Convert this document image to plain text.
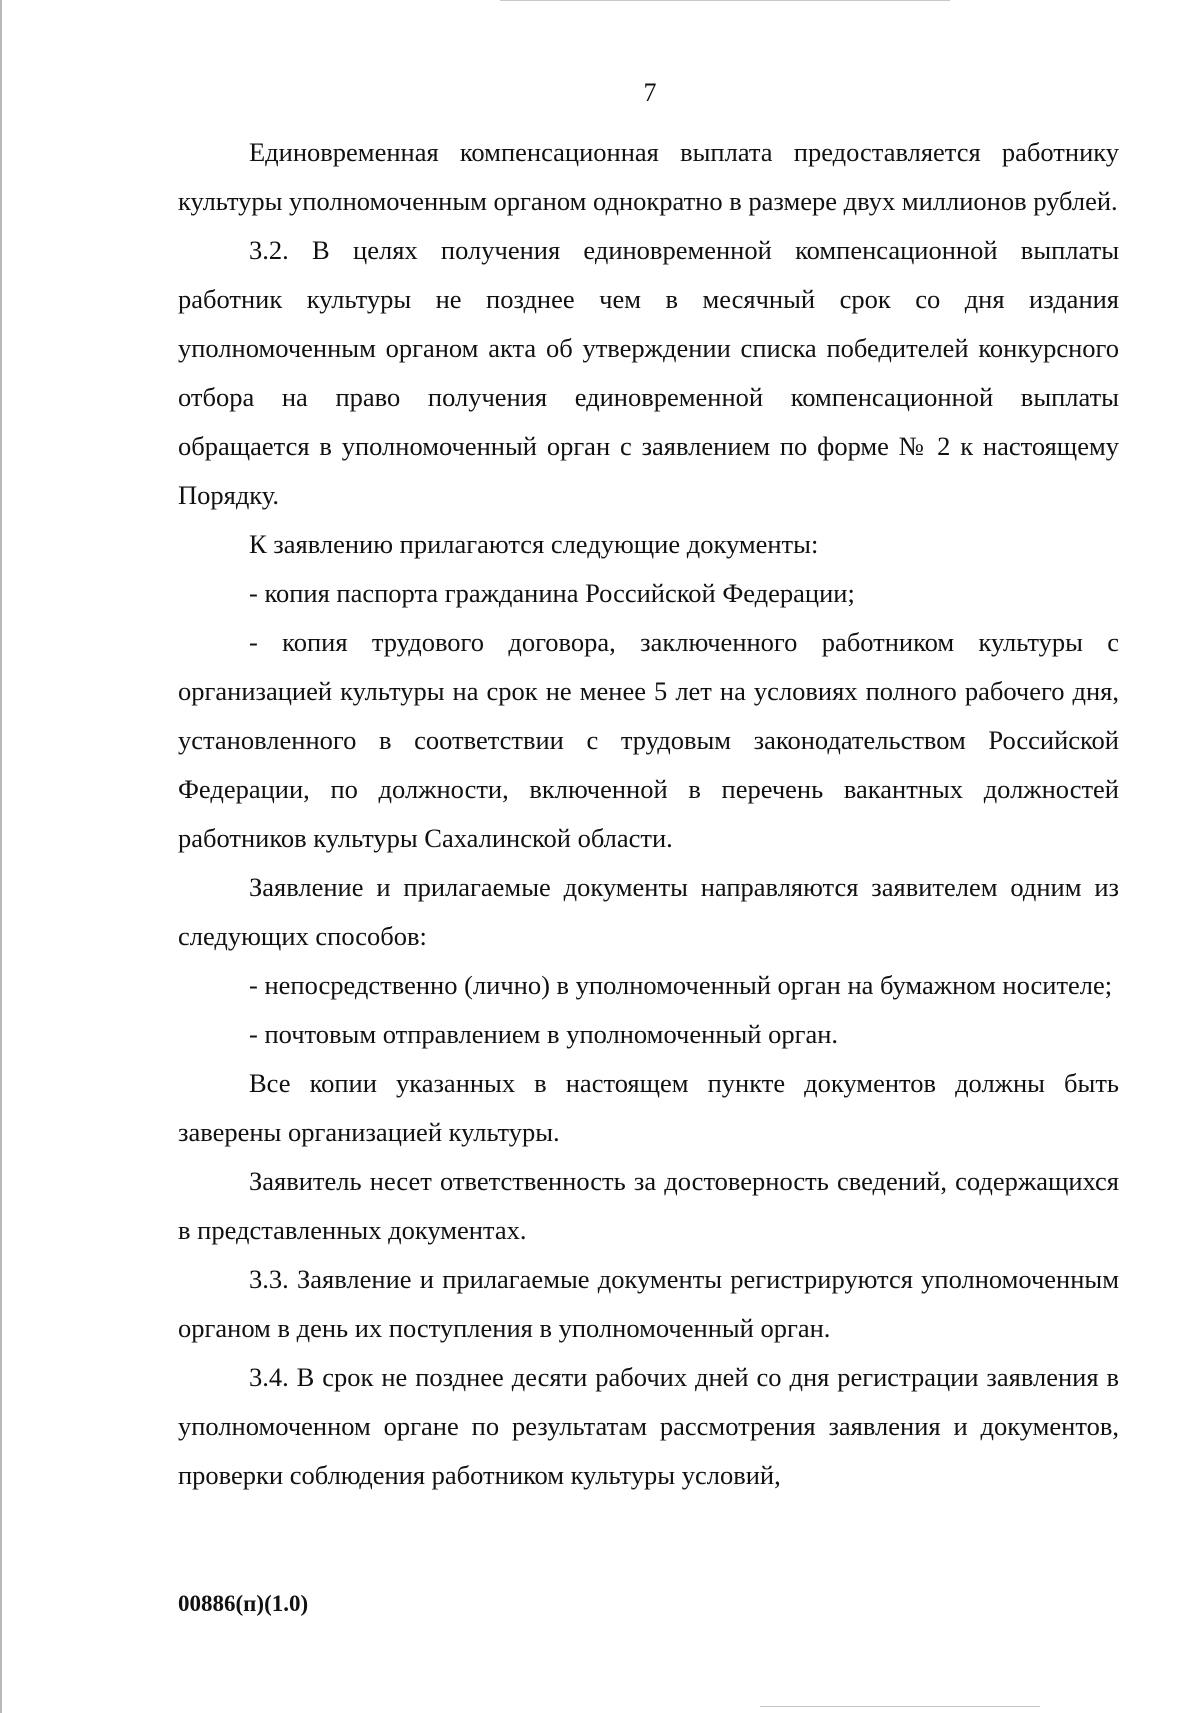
7

Единовременная компенсационная выплата предоставляется работнику культуры уполномоченным органом однократно в размере двух миллионов рублей.

3.2. В целях получения единовременной компенсационной выплаты работник культуры не позднее чем в месячный срок со дня издания уполномоченным органом акта об утверждении списка победителей конкурсного отбора на право получения единовременной компенсационной выплаты обращается в уполномоченный орган с заявлением по форме № 2 к настоящему Порядку.

К заявлению прилагаются следующие документы:

- копия паспорта гражданина Российской Федерации;

- копия трудового договора, заключенного работником культуры с организацией культуры на срок не менее 5 лет на условиях полного рабочего дня, установленного в соответствии с трудовым законодательством Российской Федерации, по должности, включенной в перечень вакантных должностей работников культуры Сахалинской области.

Заявление и прилагаемые документы направляются заявителем одним из следующих способов:

- непосредственно (лично) в уполномоченный орган на бумажном носителе;

- почтовым отправлением в уполномоченный орган.

Все копии указанных в настоящем пункте документов должны быть заверены организацией культуры.

Заявитель несет ответственность за достоверность сведений, содержащихся в представленных документах.

3.3. Заявление и прилагаемые документы регистрируются уполномоченным органом в день их поступления в уполномоченный орган.

3.4. В срок не позднее десяти рабочих дней со дня регистрации заявления в уполномоченном органе по результатам рассмотрения заявления и документов, проверки соблюдения работником культуры условий,

00886(п)(1.0)
